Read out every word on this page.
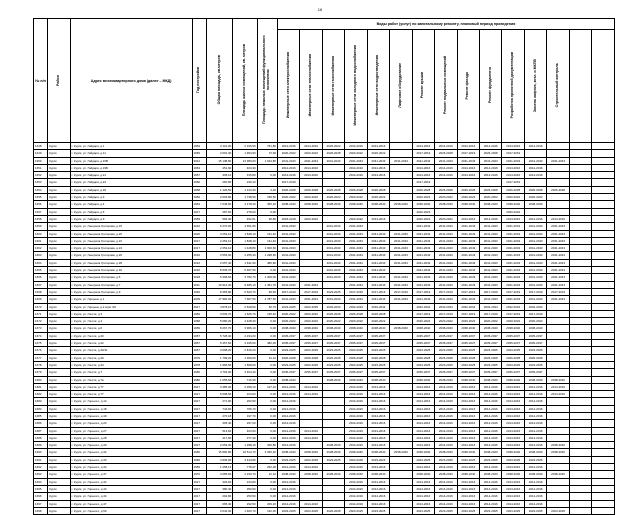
16
№ п/п	Район	Адрес многоквартирного дома (далее – МКД)	Год постройки	Общая площадь, кв.метров	Площадь жилых помещений, кв. метров	Площадь нежилых помещений функционального назначения	Виды работ (услуг) по капитальному ремонту, плановый период проведения														
							Инженерные сети электроснабжения	Инженерные сети теплоснабжения	Инженерные сети газоснабжения	Инженерные сети холодного водоснабжения	Инженерные сети водоотведения	Лифтовое оборудование	Ремонт крыши	Ремонт подвальных помещений	Ремонт фасада	Ремонт фундамента	Разработка проектной документации	Замена лифтов, котл. и МКПВ	Строительный контроль		
1648	Курск	г. Курск, ул. Гайдара, д.1	1953	3 121,00	2 165,50	761,80	2014-2016	2014-2016	2020-2022	2014-2016	2014-2016		2014-2016	2014-2016	2014-2016	2014-2016	2014-2016	2014-2016			
1649	Курск	г. Курск, ул. Гайдара, д.11	1965	2 691,30	1 994,90	72,90	2020-2022	2020-2022	2026-2028	2020-2022	2020-2022		2017-2019	2026-2028	2017-2019	2026-2028	2017-2019				
1650	Курск	г. Курск, ул. Гайдара, д.16В	2012	15 138,80	13 380,60	1 624,80	2041-2043	2041-2043	2041-2043	2041-2043	2041-2043	2041-2043	2041-2043	2041-2043	2041-2043	2041-2043	2041-2043	2041-2043	2041-2043		
1651	Курск	г. Курск, ул. Гайдара, д.19Б	1954	451,90	404,30		2014-2016	2014-2016		2014-2016	2014-2016		2014-2016	2014-2016	2014-2016	2014-2016	2014-2016	2014-2016			
1652	Курск	г. Курск, ул. Гайдара, д.21	1957	335,10	315,80	0,00	2014-2016	2014-2016		2014-2016	2014-2016		2014-2016	2014-2016	2014-2016	2014-2016	2014-2016	2014-2016			
1653	Курск	г. Курск, ул. Гайдара, д.24	1960	260,80	249,10		2017-2019						2017-2019				2017-2019				
1654	Курск	г. Курск, ул. Гайдара, д.29	1958	1 126,50	1 123,30	3,20	2026-2028	2026-2028	2026-2028	2026-2028	2026-2028		2026-2028	2026-2028	2026-2028	2026-2028	2026-2028	2026-2028	2026-2028		
1655	Курск	г. Курск, ул. Гайдара, д.3	1956	2 603,80	1 738,90	158,50	2020-2022	2020-2022	2020-2022	2020-2022	2020-2022		2020-2022	2020-2022	2020-2022	2020-2022	2020-2022	2020-2022			
1656	Курск	г. Курск, ул. Гайдара, д.4	1963	7 045,60	4 178,40	365,20	2038-2040	2038-2040	2038-2040	2038-2040	2038-2040	2038-2040	2038-2040	2038-2040	2038-2040	2038-2040	2038-2040	2038-2040			
1657	Курск	г. Курск, ул. Гайдара, д.6	1917	287,60	278,00	0,00							2020-2022				2020-2022				
1658	Курск	г. Курск, ул. Гайдара, д.9	1959	566,40	452,61	92,80	2018-2018	2020-2022		2020-2022	2014-2016		2020-2022	2020-2022	2014-2016	2014-2016	2014-2016	2014-2016	2014-2016		
1659	Курск	г. Курск, ул. Генерала Григорова, д.15	2010	6 270,00	4 651,80		2041-2043		2041-2043	2041-2043			2041-2043	2041-2043	2041-2043	2041-2043	2041-2043	2041-2043	2041-2043		
1660	Курск	г. Курск, ул. Генерала Григорова, д.20	2020	3 252,10	1 848,10	131,40	2041-2043		2041-2043	2041-2043	2041-2043	2041-2043	2041-2043	2041-2043	2041-2043	2041-2043	2041-2043	2041-2043	2041-2043		
1661	Курск	г. Курск, ул. Генерала Григорова, д.22	2017	2 252,10	1 848,10	131,40	2041-2043		2041-2043	2041-2043	2041-2043	2041-2043	2041-2043	2041-2043	2041-2043	2041-2043	2041-2043	2041-2043	2041-2043		
1662	Курск	г. Курск, ул. Генерала Григорова, д.24	2017	2 252,10	1 428,80	1 000,60	2041-2043		2041-2043	2041-2043	2041-2043	2041-2043	2041-2043	2041-2043	2041-2043	2041-2043	2041-2043	2041-2043	2041-2043		
1663	Курск	г. Курск, ул. Генерала Григорова, д.26	2016	3 554,00	2 255,40	1 298,60	2041-2043		2041-2043	2041-2043	2041-2043	2041-2043	2041-2043	2041-2043	2041-2043	2041-2043	2041-2043	2041-2043	2041-2043		
1664	Курск	г. Курск, ул. Генерала Григорова, д.28	2016	2 057,40	1 641,90	386,80	2041-2043		2041-2043	2041-2043	2041-2043	2041-2043	2041-2043	2041-2043	2041-2043	2041-2043	2041-2043	2041-2043	2041-2043		
1665	Курск	г. Курск, ул. Генерала Григорова, д.32	2016	8 536,70	5 487,90	0,00	2041-2043		2041-2043	2041-2043	2041-2043		2041-2043	2041-2043	2041-2043	2041-2043	2041-2043	2041-2043	2041-2043		
1666	Курск	г. Курск, ул. Генерала Григорова, д.6	2018	5 308,60	3 782,70	1 309,00	2041-2043		2041-2043	2041-2043	2041-2043	2041-2043	2041-2043	2041-2043	2041-2043	2041-2043	2041-2043	2041-2043	2041-2043		
1667	Курск	г. Курск, ул. Генерала Григорова, д.7	2011	10 914,30	9 485,10	1 451,70	2041-2043	2041-2043		2041-2043	2041-2043	2041-2043	2041-2043	2041-2043	2041-2043	2041-2043	2041-2043	2041-2043	2041-2043		
1668	Курск	г. Курск, ул. Генерала Григорова, д.9	1992	8 365,80	6 520,70	48,50	2017-2019	2017-2019	2023-2025	2017-2019	2017-2019	2017-2019	2017-2019	2017-2019	2017-2019	2017-2019	2017-2019	2017-2019	2017-2019		
1669	Курск	г. Курск, ул. Герцена, д.1	2009	17 992,00	7 967,50	4 787,50	2041-2043	2041-2043	2041-2043	2041-2043	2041-2043	2041-2043	2041-2043	2041-2043	2041-2043	2041-2043	2041-2043	2041-2043	2041-2043		
1670	Курск	г. Курск, ул. Герцена, д.2 корп.4/2	1917	4 878,10	2 628,90	52,70	2023-2025	2023-2025	2032-2034	2032-2034	2032-2034		2032-2034	2032-2034	2032-2034	2032-2034	2032-2034	2032-2034			
1671	Курск	г. Курск, ул. Гоголя, д.3	1983	3 636,70	1 625,70	135,40	2020-2022	2020-2022	2026-2028	2026-2028	2026-2028		2017-2019	2017-2019	2017-2019	2017-2019	2017-2019	2017-2019			
1672	Курск	г. Курск, ул. Гоголя, д.4	1968	5 680,20	4 428,30	0,00	2020-2022	2020-2022	2020-2022	2020-2022	2020-2022		2020-2022	2020-2022	2020-2022	2020-2022	2020-2022	2020-2022			
1673	Курск	г. Курск, ул. Гоголя, д.6	1959	8 267,70	3 966,10	0,00	2038-2040	2038-2040	2038-2040	2038-2040	2038-2040	2038-2040	2038-2040	2038-2040	2038-2040	2038-2040	2038-2040	2038-2040			
1674	Курск	г. Курск, ул. Гоголя, д.20	1957	5 728,40	2 234,00	0,00	2035-2037	2035-2037	2035-2037	2035-2037	2035-2037		2035-2037	2035-2037	2035-2037	2035-2037	2035-2037	2035-2037			
1675	Курск	г. Курск, ул. Гоголя, д.22	1957	5 457,60	3 345,60	482,00	2035-2037	2035-2037	2035-2037	2035-2037	2035-2037		2035-2037	2035-2037	2035-2037	2035-2037	2035-2037	2035-2037			
1676	Курск	г. Курск, ул. Гоголя, д.40/11	1967	3 698,20	2 816,20	0,00	2023-2025	2023-2025	2023-2025	2023-2025	2023-2025		2023-2025	2023-2025	2023-2025	2023-2025	2023-2025	2023-2025			
1677	Курск	г. Курск, ул. Гоголя, д.40	1979	1 799,20	1 309,60	31,10	2026-2028	2026-2028	2026-2028	2026-2028	2026-2028		2026-2028	2026-2028	2026-2028	2026-2028	2026-2028	2026-2028			
1678	Курск	г. Курск, ул. Гоголя, д.44	1978	1 966,50	1 508,00	0,00	2023-2025	2023-2025	2023-2025	2023-2025	2023-2025		2023-2025	2023-2025	2023-2025	2023-2025	2023-2025	2023-2025			
1679	Курск	г. Курск, ул. Гоголя, д.7	1960	4 794,90	3 464,40	0,00	2035-2037	2035-2037	2035-2037	2035-2037	2035-2037		2035-2037	2035-2037	2035-2037	2035-2037	2035-2037	2035-2037			
1680	Курск	г. Курск, ул. Гоголя, д.7а	1980	1 055,60	716,30	0,00	2038-2040		2038-2040	2038-2040	2038-2040		2038-2040	2038-2040	2038-2040	2038-2040	2038-2040	2038-2040	2038-2040		
1681	Курск	г. Курск, ул. Гоголя, д.77	1917	3 485,30	2 268,10	127,10	2014-2016	2014-2016		2014-2016	2014-2016		2014-2016	2014-2016	2014-2016	2014-2016	2014-2016	2014-2016	2014-2016		
1682	Курск	г. Курск, ул. Гоголя, д.77	1917	5 608,50	224,00	0,00	2014-2016	2014-2016		2014-2016	2014-2016		2014-2016	2014-2016	2014-2016	2014-2016	2014-2016	2014-2016	2014-2016		
1683	Курск	г. Курск, ул. Горького, д.14	1917	271,90	262,50	0,00	2014-2016			2014-2016	2014-2016		2014-2016	2014-2016	2014-2016	2014-2016	2014-2016	2014-2016			
1684	Курск	г. Курск, ул. Горького, д.18	1917	744,60	706,70	0,00	2014-2016			2014-2016	2014-2016		2014-2016	2014-2016	2014-2016	2014-2016	2014-2016	2014-2016			
1685	Курск	г. Курск, ул. Горького, д.19	1917	270,18	197,70	0,00	2014-2016			2014-2016	2014-2016		2014-2016	2014-2016	2014-2016	2014-2016	2014-2016	2014-2016			
1686	Курск	г. Курск, ул. Горького, д.22	1917	305,40	297,00	0,00	2014-2016			2014-2016	2014-2016		2014-2016	2014-2016	2014-2016	2014-2016	2014-2016	2014-2016			
1687	Курск	г. Курск, ул. Горького, д.27	1917	513,60	464,50	0,00	2014-2016	2014-2016		2014-2016	2014-2016		2014-2016	2014-2016	2014-2016	2014-2016	2014-2016	2014-2016			
1688	Курск	г. Курск, ул. Горького, д.28	1917	417,60	377,30	0,00	2014-2016	2014-2016		2014-2016	2014-2016		2014-2016	2014-2016	2014-2016	2014-2016	2014-2016	2014-2016			
1689	Курск	г. Курск, ул. Горького, д.30	1917	2 053,30	1 398,10	325,80	2014-2016		2038-2040	2014-2016	2014-2016		2014-2016	2014-2016	2014-2016	2014-2016	2014-2016	2014-2016	2038-2040		
1690	Курск	г. Курск, ул. Горького, д.32	1960	15 866,80	10 514,70	3 946,30	2038-2040	2038-2040	2038-2040	2038-2040	2038-2040	2038-2040	2038-2040	2038-2040	2038-2040	2038-2040	2038-2040	2038-2040	2038-2040		
1691	Курск	г. Курск, ул. Горького, д.33	1966	4 936,90	3 444,80	0,00	2023-2025	2023-2025	2023-2025	2023-2025	2023-2025		2023-2025	2023-2025	2023-2025	2023-2025	2023-2025	2023-2025			
1692	Курск	г. Курск, ул. Горького, д.34	1955	1 258,13	778,47	252,28	2014-2016	2014-2016		2014-2016	2014-2016		2014-2016	2014-2016	2014-2016	2014-2016	2014-2016	2014-2016			
1693	Курск	г. Курск, ул. Горького, д.37	1970	3 085,60	2 233,70	12,10	2038-2040	2038-2040	2038-2040	2038-2040	2038-2040		2038-2040	2038-2040	2038-2040	2038-2040	2038-2040	2038-2040	2038-2040		
1694	Курск	г. Курск, ул. Горького, д.42	1917	326,60	244,80	0,00	2014-2016			2014-2016	2014-2016		2014-2016	2014-2016	2014-2016	2014-2016	2014-2016	2014-2016			
1695	Курск	г. Курск, ул. Горького, д.43	1917	380,40	359,90	0,00	2014-2016			2014-2016	2014-2016		2014-2016	2014-2016	2014-2016	2014-2016	2014-2016	2014-2016			
1696	Курск	г. Курск, ул. Горького, д.44	1917	292,80	250,50	0,00	2014-2016			2014-2016	2014-2016		2014-2016	2014-2016	2014-2016	2014-2016	2014-2016	2014-2016			
1697	Курск	г. Курск, ул. Горького, д.47	1917	665,40	292,50	209,20	2014-2016	2014-2016		2014-2016	2014-2016		2014-2016	2014-2016	2014-2016	2014-2016	2014-2016	2014-2016			
1698	Курск	г. Курск, ул. Горького, д.50	1917	3 642,00	1 923,70	132,00	2023-2025	2023-2025	2026-2028	2023-2025	2023-2025		2023-2025	2023-2025	2023-2025	2023-2025	2023-2025	2023-2025	2023-2025		
